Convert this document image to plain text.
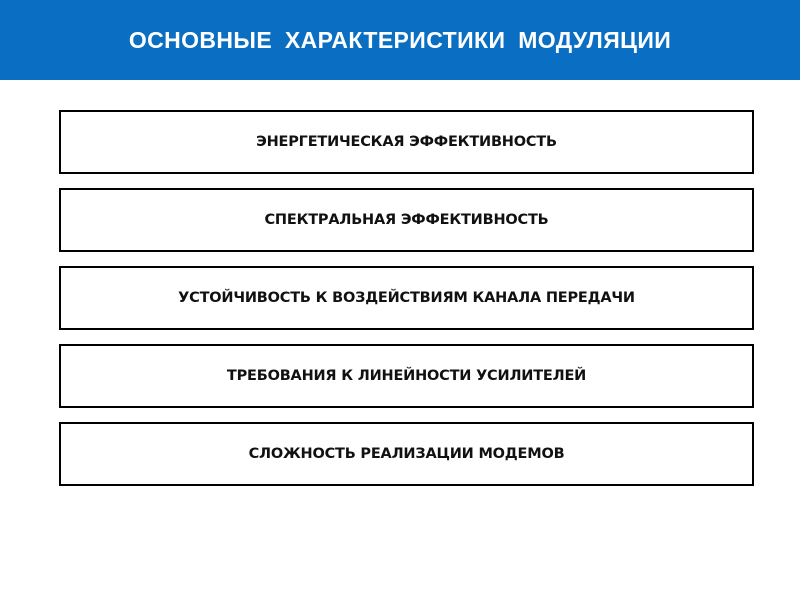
ОСНОВНЫЕ ХАРАКТЕРИСТИКИ МОДУЛЯЦИИ
ЭНЕРГЕТИЧЕСКАЯ ЭФФЕКТИВНОСТЬ
СПЕКТРАЛЬНАЯ ЭФФЕКТИВНОСТЬ
УСТОЙЧИВОСТЬ К ВОЗДЕЙСТВИЯМ КАНАЛА ПЕРЕДАЧИ
ТРЕБОВАНИЯ К ЛИНЕЙНОСТИ УСИЛИТЕЛЕЙ
СЛОЖНОСТЬ РЕАЛИЗАЦИИ МОДЕМОВ
